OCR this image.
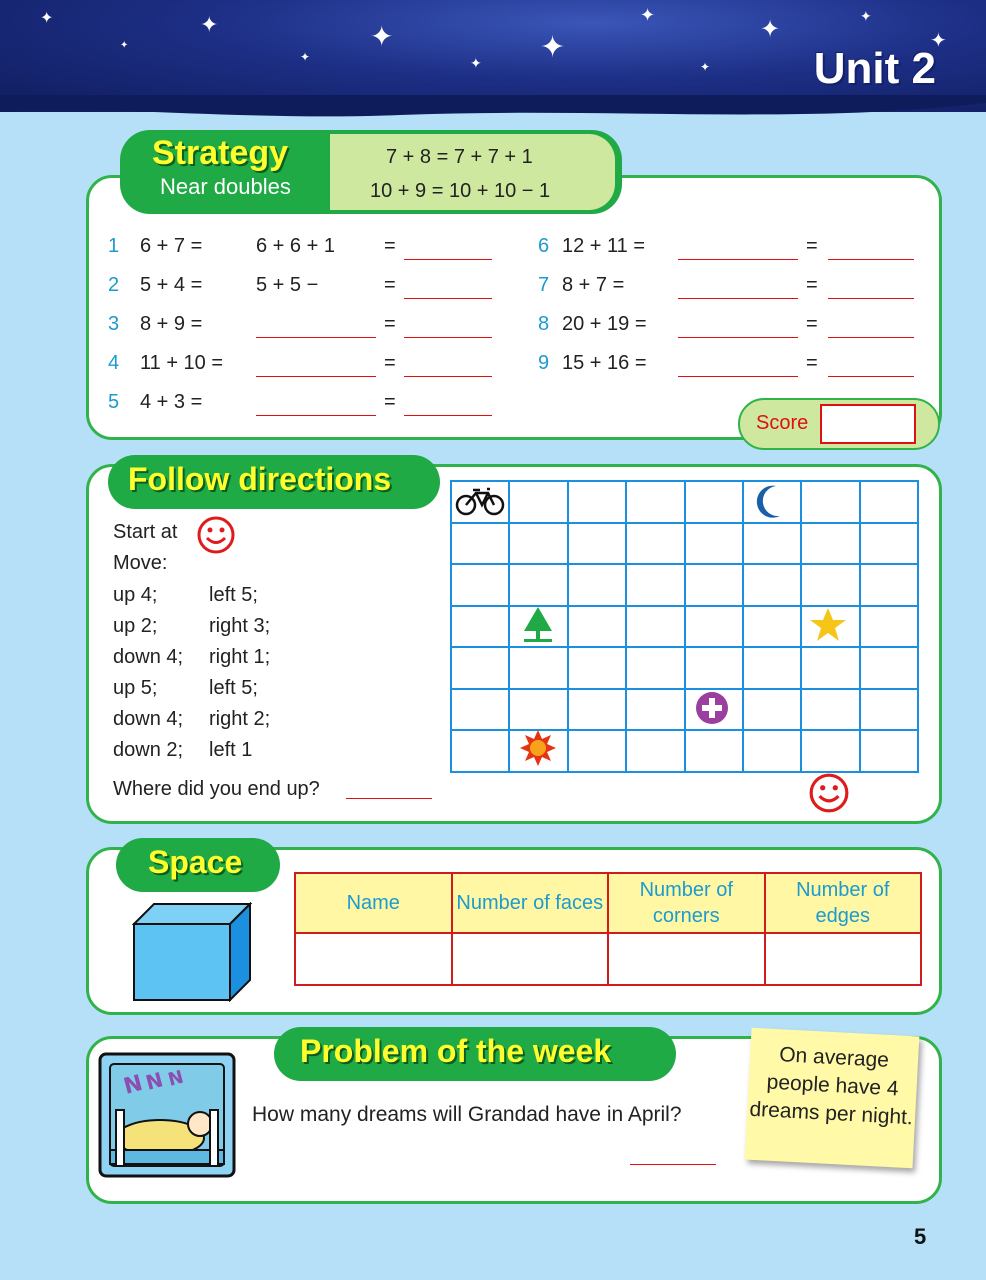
✦
✦
✦
✦
✦
✦ ✦
✦
✦
✦	✦
✦
Unit 2
Strategy
Near doubles
7 + 8 = 7 + 7 + 1
10 + 9 = 10 + 10 − 1
1 6 + 7 =	6 + 6 + 1 =
2 5 + 4 =	5 + 5 −	=
3 8 + 9 =	=
4 11 + 10 =	=
5 4 + 3 =	=
6 12 + 11 =	=
7 8 + 7 =	=
8 20 + 19 =	=
9 15 + 16 =	=
Score
Follow directions
Start at
Move:
up 4;	left 5;
up 2;	right 3;
down 4; right 1;
up 5;	left 5;
down 4; right 2;
down 2; left 1
Where did you end up?
Space
Name	Number of faces	Number of corners	Number of edges

Problem of the week
N
N N
How many dreams will Grandad have in April?
On average people have 4 dreams per night.
5
